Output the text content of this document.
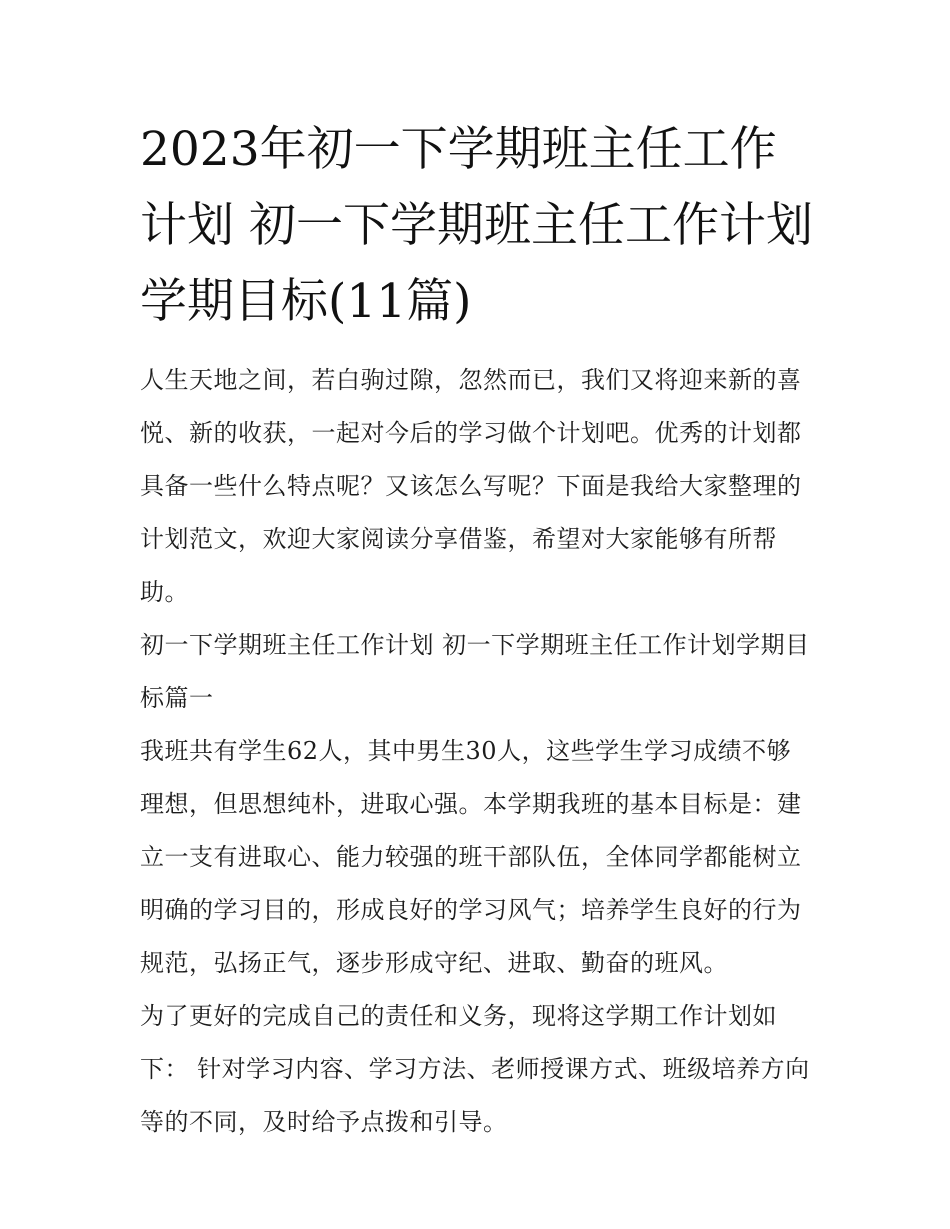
2023年初一下学期班主任工作计划 初一下学期班主任工作计划学期目标(11篇)

人生天地之间，若白驹过隙，忽然而已，我们又将迎来新的喜悦、新的收获，一起对今后的学习做个计划吧。优秀的计划都具备一些什么特点呢？又该怎么写呢？下面是我给大家整理的计划范文，欢迎大家阅读分享借鉴，希望对大家能够有所帮助。

初一下学期班主任工作计划 初一下学期班主任工作计划学期目标篇一

我班共有学生62人，其中男生30人，这些学生学习成绩不够理想，但思想纯朴，进取心强。本学期我班的基本目标是：建立一支有进取心、能力较强的班干部队伍，全体同学都能树立明确的学习目的，形成良好的学习风气；培养学生良好的行为规范，弘扬正气，逐步形成守纪、进取、勤奋的班风。

为了更好的完成自己的责任和义务，现将这学期工作计划如下： 针对学习内容、学习方法、老师授课方式、班级培养方向等的不同，及时给予点拨和引导。
